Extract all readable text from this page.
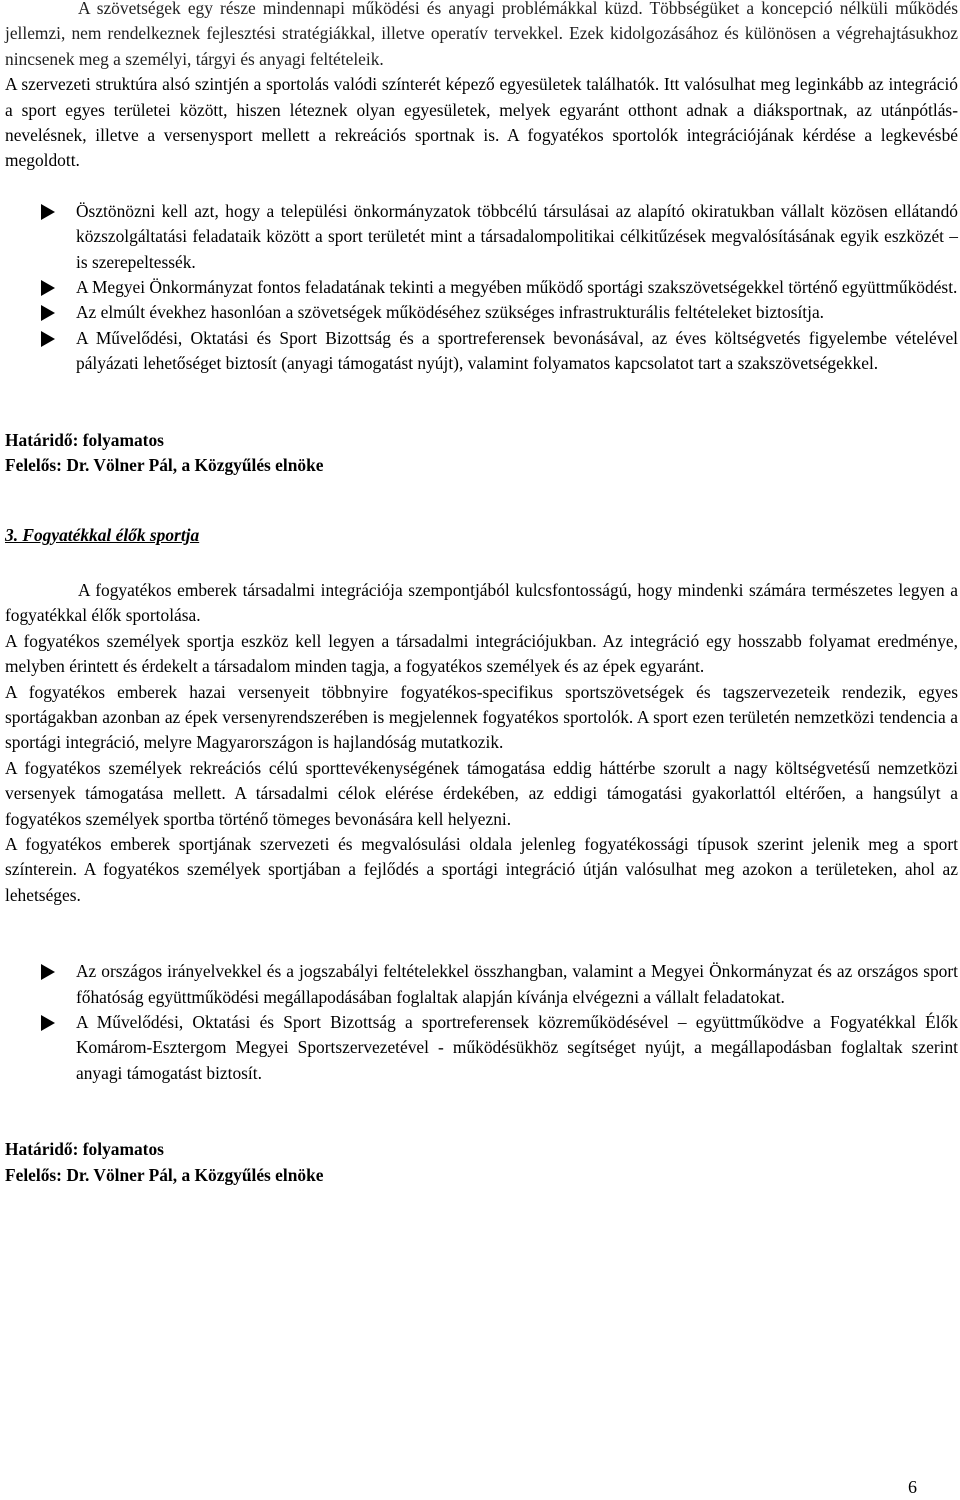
A szövetségek egy része mindennapi működési és anyagi problémákkal küzd. Többségüket a koncepció nélküli működés jellemzi, nem rendelkeznek fejlesztési stratégiákkal, illetve operatív tervekkel. Ezek kidolgozásához és különösen a végrehajtásukhoz nincsenek meg a személyi, tárgyi és anyagi feltételeik.

A szervezeti struktúra alsó szintjén a sportolás valódi színterét képező egyesületek találhatók. Itt valósulhat meg leginkább az integráció a sport egyes területei között, hiszen léteznek olyan egyesületek, melyek egyaránt otthont adnak a diáksportnak, az utánpótlás-nevelésnek, illetve a versenysport mellett a rekreációs sportnak is. A fogyatékos sportolók integrációjának kérdése a legkevésbé megoldott.

Ösztönözni kell azt, hogy a települési önkormányzatok többcélú társulásai az alapító okiratukban vállalt közösen ellátandó közszolgáltatási feladataik között a sport területét mint a társadalompolitikai célkitűzések megvalósításának egyik eszközét – is szerepeltessék.
A Megyei Önkormányzat fontos feladatának tekinti a megyében működő sportági szakszövetségekkel történő együttműködést.
Az elmúlt évekhez hasonlóan a szövetségek működéséhez szükséges infrastrukturális feltételeket biztosítja.
A Művelődési, Oktatási és Sport Bizottság és a sportreferensek bevonásával, az éves költségvetés figyelembe vételével pályázati lehetőséget biztosít (anyagi támogatást nyújt), valamint folyamatos kapcsolatot tart a szakszövetségekkel.

Határidő: folyamatos

Felelős: Dr. Völner Pál, a Közgyűlés elnöke

3. Fogyatékkal élők sportja

A fogyatékos emberek társadalmi integrációja szempontjából kulcsfontosságú, hogy mindenki számára természetes legyen a fogyatékkal élők sportolása.

A fogyatékos személyek sportja eszköz kell legyen a társadalmi integrációjukban. Az integráció egy hosszabb folyamat eredménye, melyben érintett és érdekelt a társadalom minden tagja, a fogyatékos személyek és az épek egyaránt.

A fogyatékos emberek hazai versenyeit többnyire fogyatékos-specifikus sportszövetségek és tagszervezeteik rendezik, egyes sportágakban azonban az épek versenyrendszerében is megjelennek fogyatékos sportolók. A sport ezen területén nemzetközi tendencia a sportági integráció, melyre Magyarországon is hajlandóság mutatkozik.

A fogyatékos személyek rekreációs célú sporttevékenységének támogatása eddig háttérbe szorult a nagy költségvetésű nemzetközi versenyek támogatása mellett. A társadalmi célok elérése érdekében, az eddigi támogatási gyakorlattól eltérően, a hangsúlyt a fogyatékos személyek sportba történő tömeges bevonására kell helyezni.

A fogyatékos emberek sportjának szervezeti és megvalósulási oldala jelenleg fogyatékossági típusok szerint jelenik meg a sport színterein. A fogyatékos személyek sportjában a fejlődés a sportági integráció útján valósulhat meg azokon a területeken, ahol az lehetséges.

Az országos irányelvekkel és a jogszabályi feltételekkel összhangban, valamint a Megyei Önkormányzat és az országos sport főhatóság együttműködési megállapodásában foglaltak alapján kívánja elvégezni a vállalt feladatokat.
A Művelődési, Oktatási és Sport Bizottság a sportreferensek közreműködésével – együttműködve a Fogyatékkal Élők Komárom-Esztergom Megyei Sportszervezetével - működésükhöz segítséget nyújt, a megállapodásban foglaltak szerint anyagi támogatást biztosít.

Határidő: folyamatos

Felelős: Dr. Völner Pál, a Közgyűlés elnöke

6
